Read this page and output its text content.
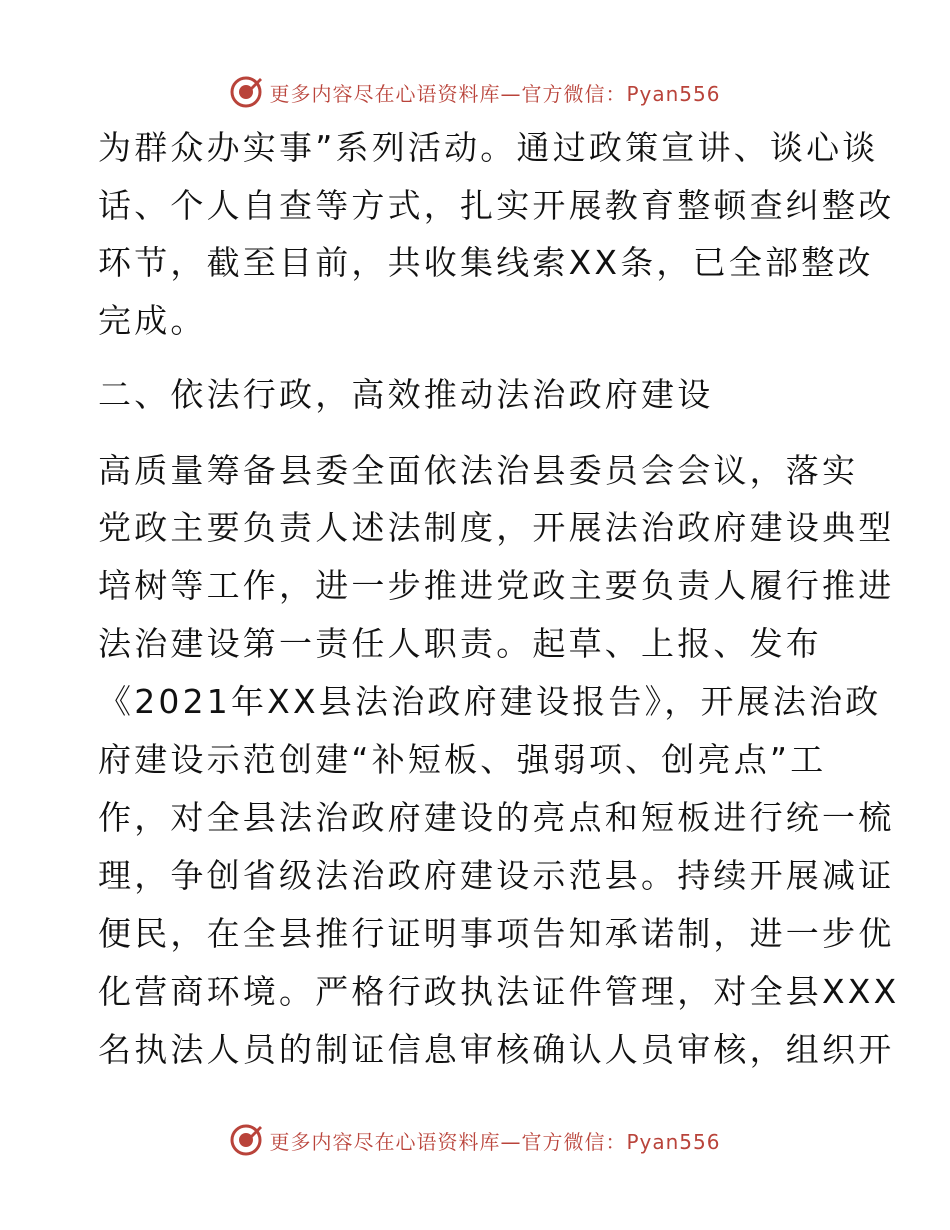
更多内容尽在心语资料库—官方微信：Pyan556
为群众办实事”系列活动。通过政策宣讲、谈心谈
话、个人自查等方式，扎实开展教育整顿查纠整改
环节，截至目前，共收集线索XX条，已全部整改
完成。
二、依法行政，高效推动法治政府建设
高质量筹备县委全面依法治县委员会会议，落实
党政主要负责人述法制度，开展法治政府建设典型
培树等工作，进一步推进党政主要负责人履行推进
法治建设第一责任人职责。起草、上报、发布
《2021年XX县法治政府建设报告》，开展法治政
府建设示范创建“补短板、强弱项、创亮点”工
作，对全县法治政府建设的亮点和短板进行统一梳
理，争创省级法治政府建设示范县。持续开展减证
便民，在全县推行证明事项告知承诺制，进一步优
化营商环境。严格行政执法证件管理，对全县XXX
名执法人员的制证信息审核确认人员审核，组织开
更多内容尽在心语资料库—官方微信：Pyan556
